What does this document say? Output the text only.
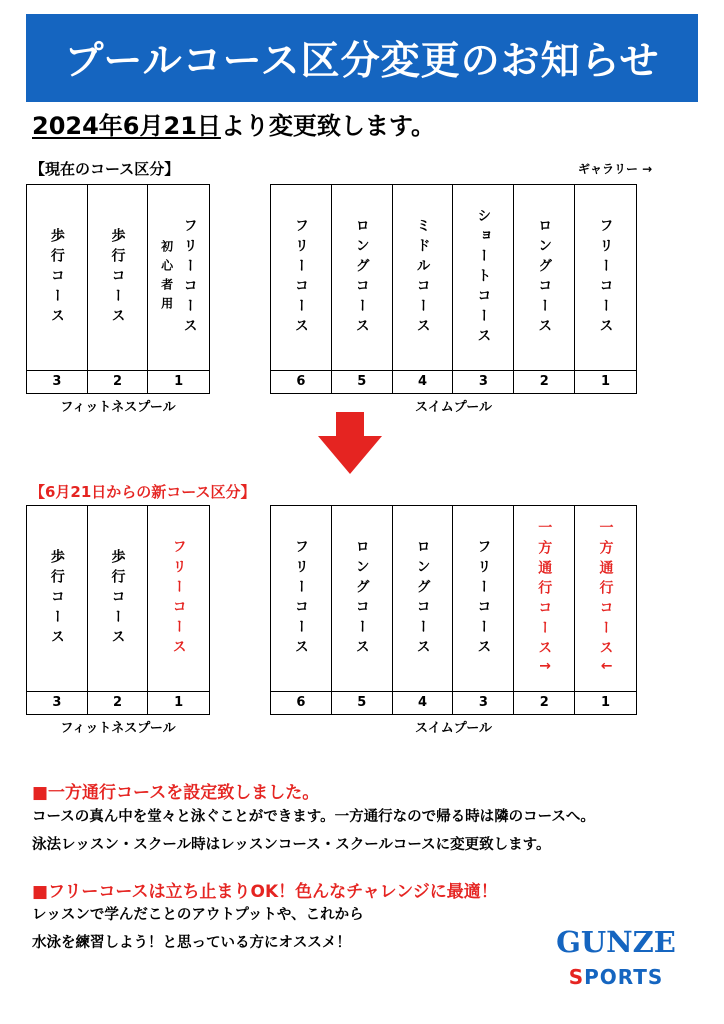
プールコース区分変更のお知らせ
2024年6月21日より変更致します。
【現在のコース区分】	ギャラリー →
歩行コース
3
歩行コース
2
フリーコース
初心者用
1
フィットネスプール
フリーコース
6
ロングコース
5
ミドルコース
4
ショートコース
3
ロングコース
2
フリーコース
1
スイムプール
【6月21日からの新コース区分】
歩行コース
3
歩行コース
2
フリーコース
1
フィットネスプール
フリーコース
6
ロングコース
5
ロングコース
4
フリーコース
3
一方通行コース↑
2
一方通行コース↓
1
スイムプール
■一方通行コースを設定致しました。
コースの真ん中を堂々と泳ぐことができます。一方通行なので帰る時は隣のコースへ。
泳法レッスン・スクール時はレッスンコース・スクールコースに変更致します。
■フリーコースは立ち止まりOK！色んなチャレンジに最適！
レッスンで学んだことのアウトプットや、これから
水泳を練習しよう！と思っている方にオススメ！	GUNZE
SPORTS
